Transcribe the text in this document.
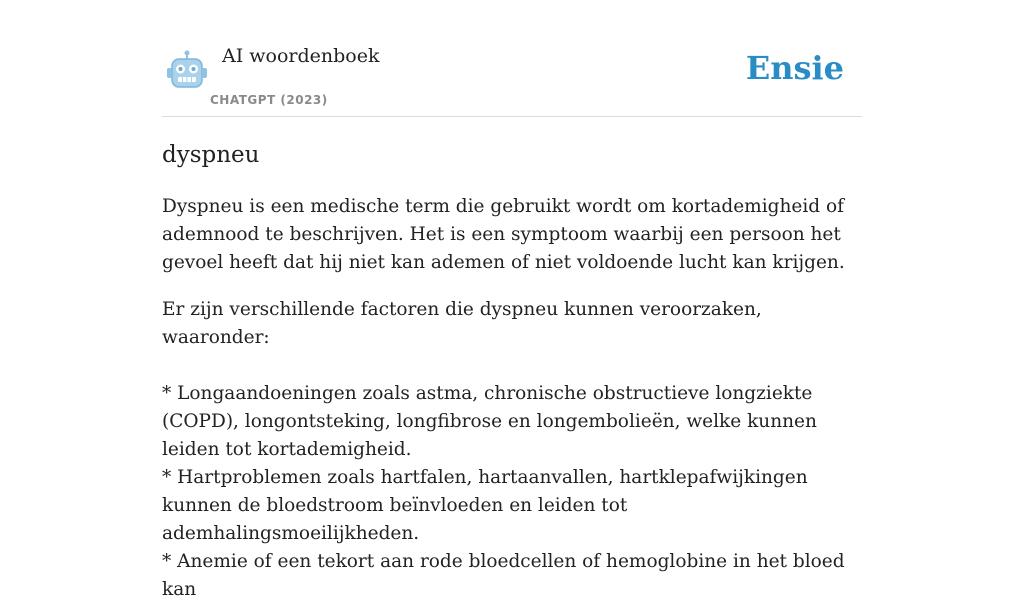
AI woordenboek
CHATGPT (2023)
Ensie
dyspneu

Dyspneu is een medische term die gebruikt wordt om kortademigheid of ademnood te beschrijven. Het is een symptoom waarbij een persoon het gevoel heeft dat hij niet kan ademen of niet voldoende lucht kan krijgen.

Er zijn verschillende factoren die dyspneu kunnen veroorzaken, waaronder:

* Longaandoeningen zoals astma, chronische obstructieve longziekte (COPD), longontsteking, longfibrose en longembolieën, welke kunnen leiden tot kortademigheid.

* Hartproblemen zoals hartfalen, hartaanvallen, hartklepafwijkingen kunnen de bloedstroom beïnvloeden en leiden tot ademhalingsmoeilijkheden.

* Anemie of een tekort aan rode bloedcellen of hemoglobine in het bloed kan
